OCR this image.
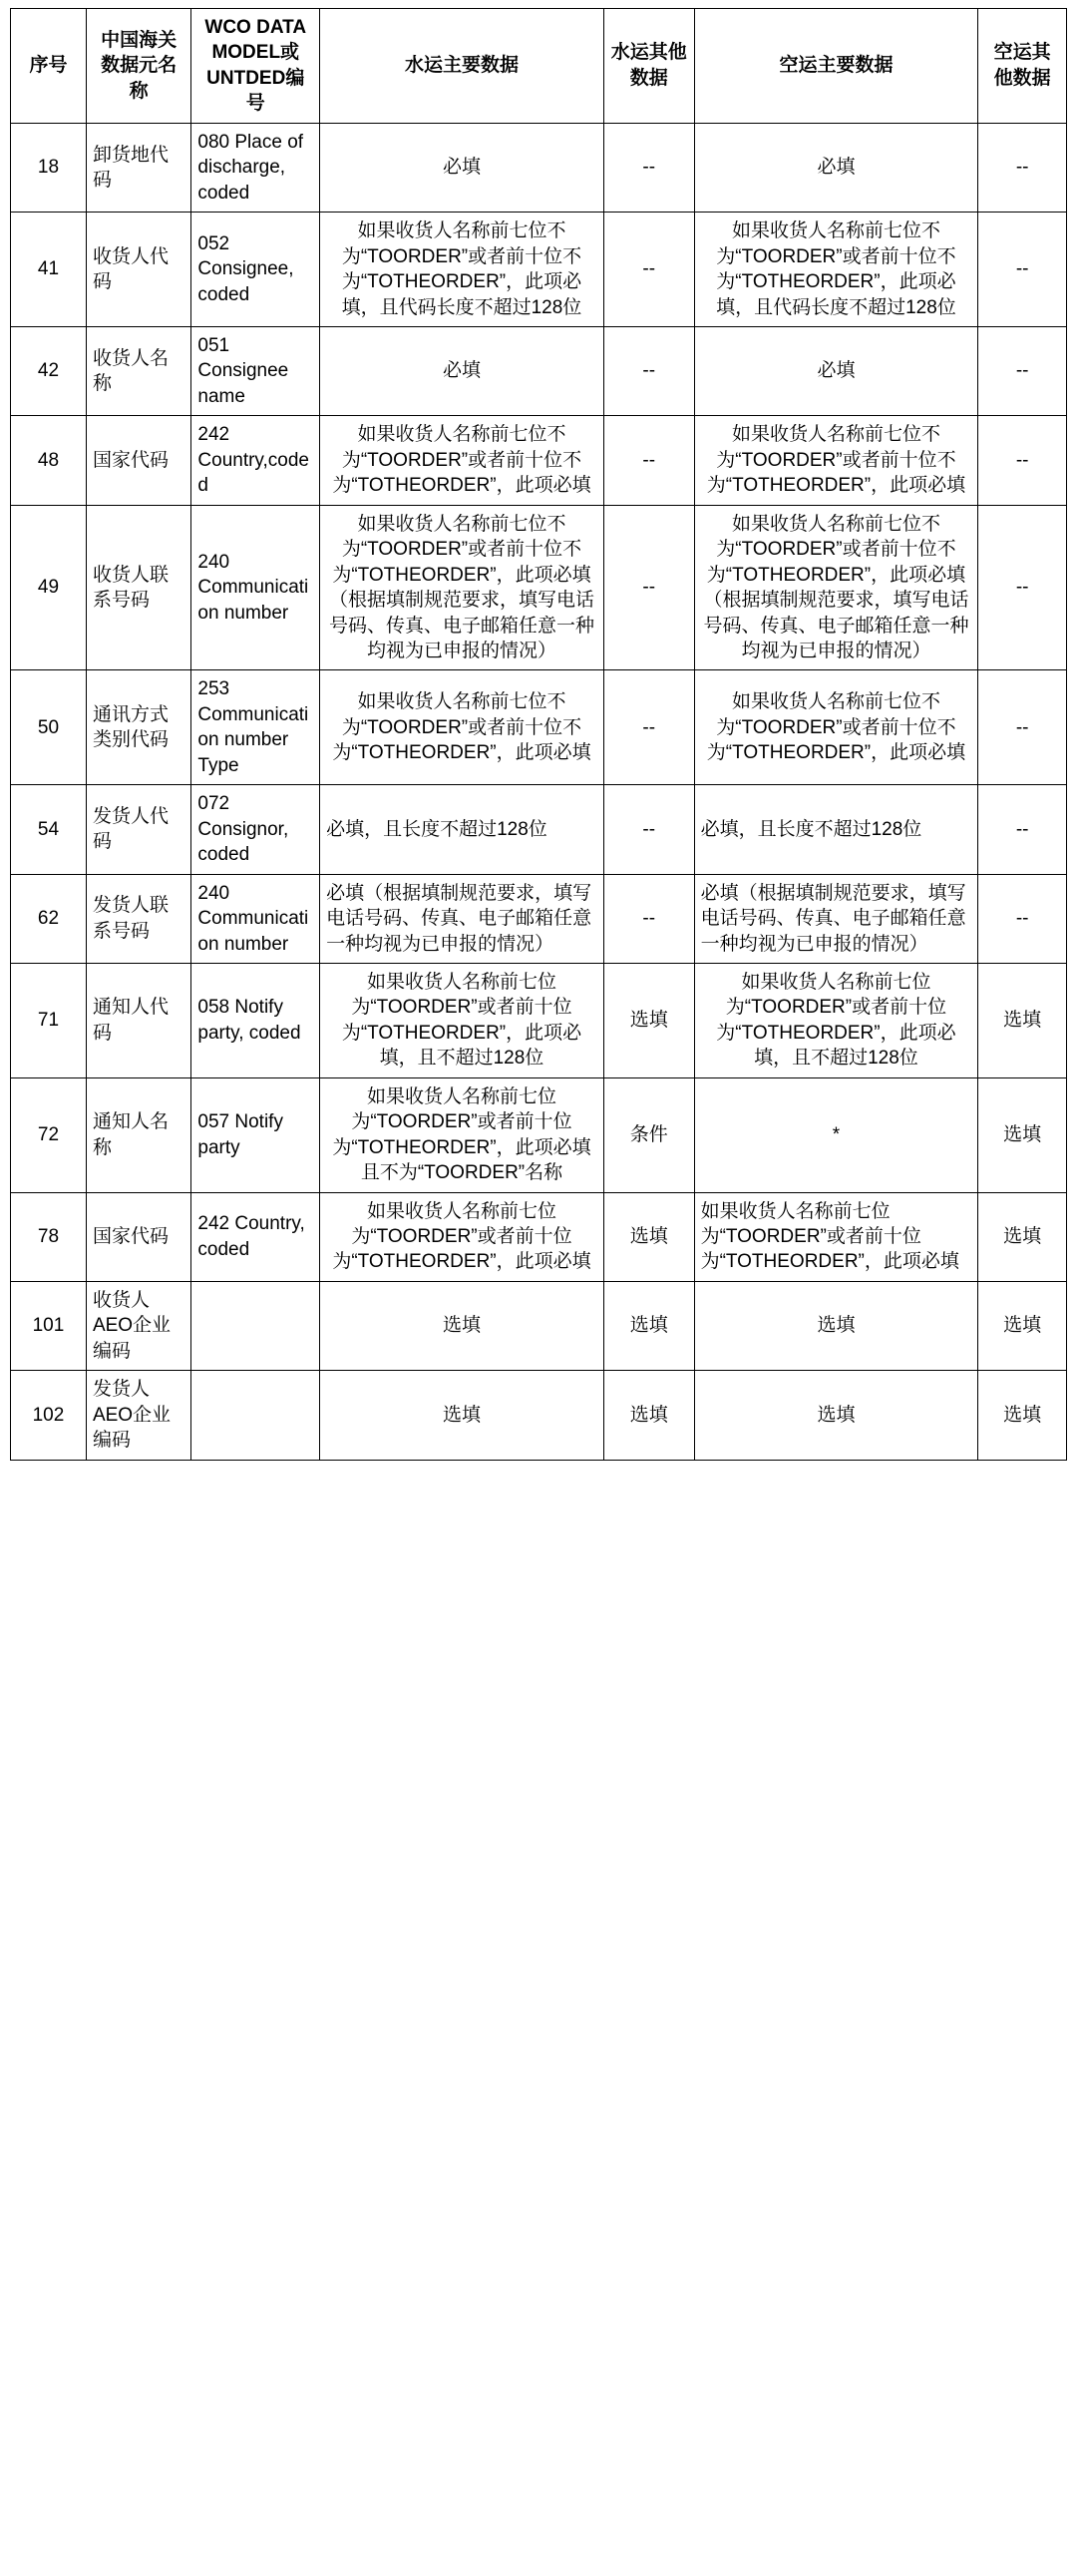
序号	中国海关数据元名称	WCO DATA MODEL或UNTDED编号	水运主要数据	水运其他数据	空运主要数据	空运其他数据
18	卸货地代码	080 Place of discharge, coded	必填	--	必填	--
41	收货人代码	052 Consignee, coded	如果收货人名称前七位不为“TOORDER”或者前十位不为“TOTHEORDER”，此项必填，且代码长度不超过128位	--	如果收货人名称前七位不为“TOORDER”或者前十位不为“TOTHEORDER”，此项必填，且代码长度不超过128位	--
42	收货人名称	051 Consignee name	必填	--	必填	--
48	国家代码	242 Country,coded	如果收货人名称前七位不为“TOORDER”或者前十位不为“TOTHEORDER”，此项必填	--	如果收货人名称前七位不为“TOORDER”或者前十位不为“TOTHEORDER”，此项必填	--
49	收货人联系号码	240 Communication number	如果收货人名称前七位不为“TOORDER”或者前十位不为“TOTHEORDER”，此项必填（根据填制规范要求，填写电话号码、传真、电子邮箱任意一种均视为已申报的情况）	--	如果收货人名称前七位不为“TOORDER”或者前十位不为“TOTHEORDER”，此项必填（根据填制规范要求，填写电话号码、传真、电子邮箱任意一种均视为已申报的情况）	--
50	通讯方式类别代码	253 Communication number Type	如果收货人名称前七位不为“TOORDER”或者前十位不为“TOTHEORDER”，此项必填	--	如果收货人名称前七位不为“TOORDER”或者前十位不为“TOTHEORDER”，此项必填	--
54	发货人代码	072 Consignor, coded	必填，且长度不超过128位	--	必填，且长度不超过128位	--
62	发货人联系号码	240 Communication number	必填（根据填制规范要求，填写电话号码、传真、电子邮箱任意一种均视为已申报的情况）	--	必填（根据填制规范要求，填写电话号码、传真、电子邮箱任意一种均视为已申报的情况）	--
71	通知人代码	058 Notify party, coded	如果收货人名称前七位为“TOORDER”或者前十位为“TOTHEORDER”，此项必填，且不超过128位	选填	如果收货人名称前七位为“TOORDER”或者前十位为“TOTHEORDER”，此项必填，且不超过128位	选填
72	通知人名称	057 Notify party	如果收货人名称前七位为“TOORDER”或者前十位为“TOTHEORDER”，此项必填且不为“TOORDER”名称	条件	*	选填
78	国家代码	242 Country, coded	如果收货人名称前七位为“TOORDER”或者前十位为“TOTHEORDER”，此项必填	选填	如果收货人名称前七位为“TOORDER”或者前十位为“TOTHEORDER”，此项必填	选填
101	收货人AEO企业编码		选填	选填	选填	选填
102	发货人AEO企业编码		选填	选填	选填	选填
